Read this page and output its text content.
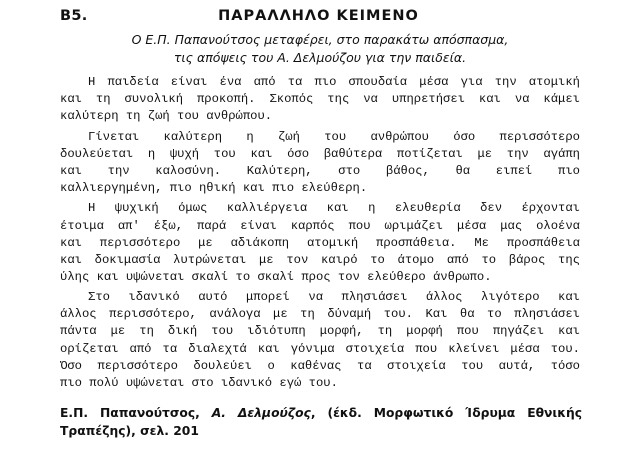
B5.	ΠΑΡΑΛΛΗΛΟ ΚΕΙΜΕΝΟ
Ο Ε.Π. Παπανούτσος μεταφέρει, στο παρακάτω απόσπασμα,
τις απόψεις του Α. Δελμούζου για την παιδεία.
Η παιδεία είναι ένα από τα πιο σπουδαία μέσα για την ατομική
και τη συνολική προκοπή. Σκοπός της να υπηρετήσει και να κάμει
καλύτερη τη ζωή του ανθρώπου.
Γίνεται καλύτερη η ζωή του ανθρώπου όσο περισσότερο
δουλεύεται η ψυχή του και όσο βαθύτερα ποτίζεται με την αγάπη
και την καλοσύνη. Καλύτερη, στο βάθος, θα ειπεί πιο
καλλιεργημένη, πιο ηθική και πιο ελεύθερη.
Η ψυχική όμως καλλιέργεια και η ελευθερία δεν έρχονται
έτοιμα απ' έξω, παρά είναι καρπός που ωριμάζει μέσα μας ολοένα
και περισσότερο με αδιάκοπη ατομική προσπάθεια. Με προσπάθεια
και δοκιμασία λυτρώνεται με τον καιρό το άτομο από το βάρος της
ύλης και υψώνεται σκαλί το σκαλί προς τον ελεύθερο άνθρωπο.
Στο ιδανικό αυτό μπορεί να πλησιάσει άλλος λιγότερο και
άλλος περισσότερο, ανάλογα με τη δύναμή του. Και θα το πλησιάσει
πάντα με τη δική του ιδιότυπη μορφή, τη μορφή που πηγάζει και
ορίζεται από τα διαλεχτά και γόνιμα στοιχεία που κλείνει μέσα του.
Όσο περισσότερο δουλεύει ο καθένας τα στοιχεία του αυτά, τόσο
πιο πολύ υψώνεται στο ιδανικό εγώ του.
Ε.Π. Παπανούτσος, Α. Δελμούζος, (έκδ. Μορφωτικό Ίδρυμα Εθνικής
Τραπέζης), σελ. 201
